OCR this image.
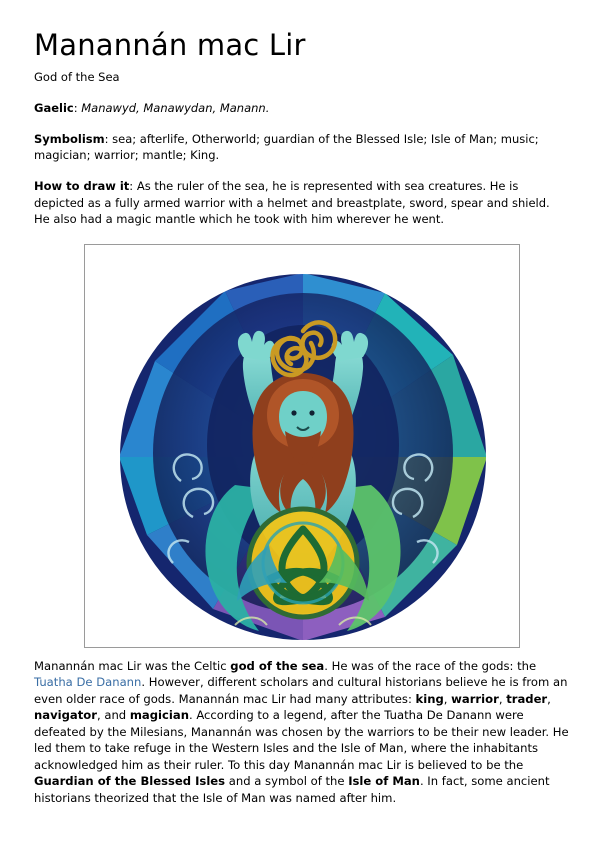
Manannán mac Lir
God of the Sea

Gaelic: Manawyd, Manawydan, Manann.

Symbolism: sea; afterlife, Otherworld; guardian of the Blessed Isle; Isle of Man; music; magician; warrior; mantle; King.

How to draw it: As the ruler of the sea, he is represented with sea creatures. He is depicted as a fully armed warrior with a helmet and breastplate, sword, spear and shield. He also had a magic mantle which he took with him wherever he went.

Manannán mac Lir was the Celtic god of the sea. He was of the race of the gods: the Tuatha De Danann. However, different scholars and cultural historians believe he is from an even older race of gods. Manannán mac Lir had many attributes: king, warrior, trader, navigator, and magician. According to a legend, after the Tuatha De Danann were defeated by the Milesians, Manannán was chosen by the warriors to be their new leader. He led them to take refuge in the Western Isles and the Isle of Man, where the inhabitants acknowledged him as their ruler. To this day Manannán mac Lir is believed to be the Guardian of the Blessed Isles and a symbol of the Isle of Man. In fact, some ancient historians theorized that the Isle of Man was named after him.
